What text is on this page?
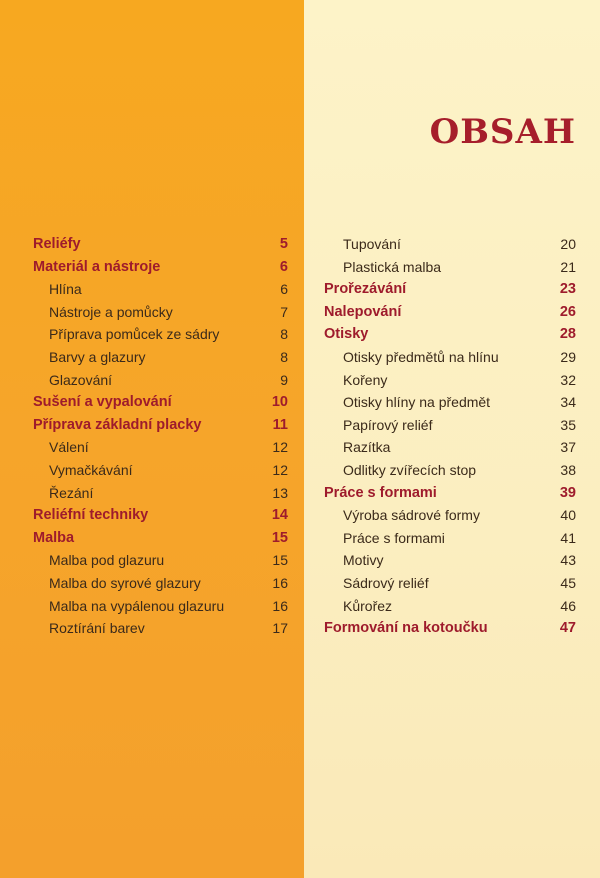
OBSAH
Reliéfy	5
Materiál a nástroje	6
Hlína	6
Nástroje a pomůcky	7
Příprava pomůcek ze sádry	8
Barvy a glazury	8
Glazování	9
Sušení a vypalování	10
Příprava základní placky	11
Válení	12
Vymačkávání	12
Řezání	13
Reliéfní techniky	14
Malba	15
Malba pod glazuru	15
Malba do syrové glazury	16
Malba na vypálenou glazuru	16
Roztírání barev	17
Tupování	20
Plastická malba	21
Prořezávání	23
Nalepování	26
Otisky	28
Otisky předmětů na hlínu	29
Kořeny	32
Otisky hlíny na předmět	34
Papírový reliéf	35
Razítka	37
Odlitky zvířecích stop	38
Práce s formami	39
Výroba sádrové formy	40
Práce s formami	41
Motivy	43
Sádrový reliéf	45
Kůrořez	46
Formování na kotoučku	47
